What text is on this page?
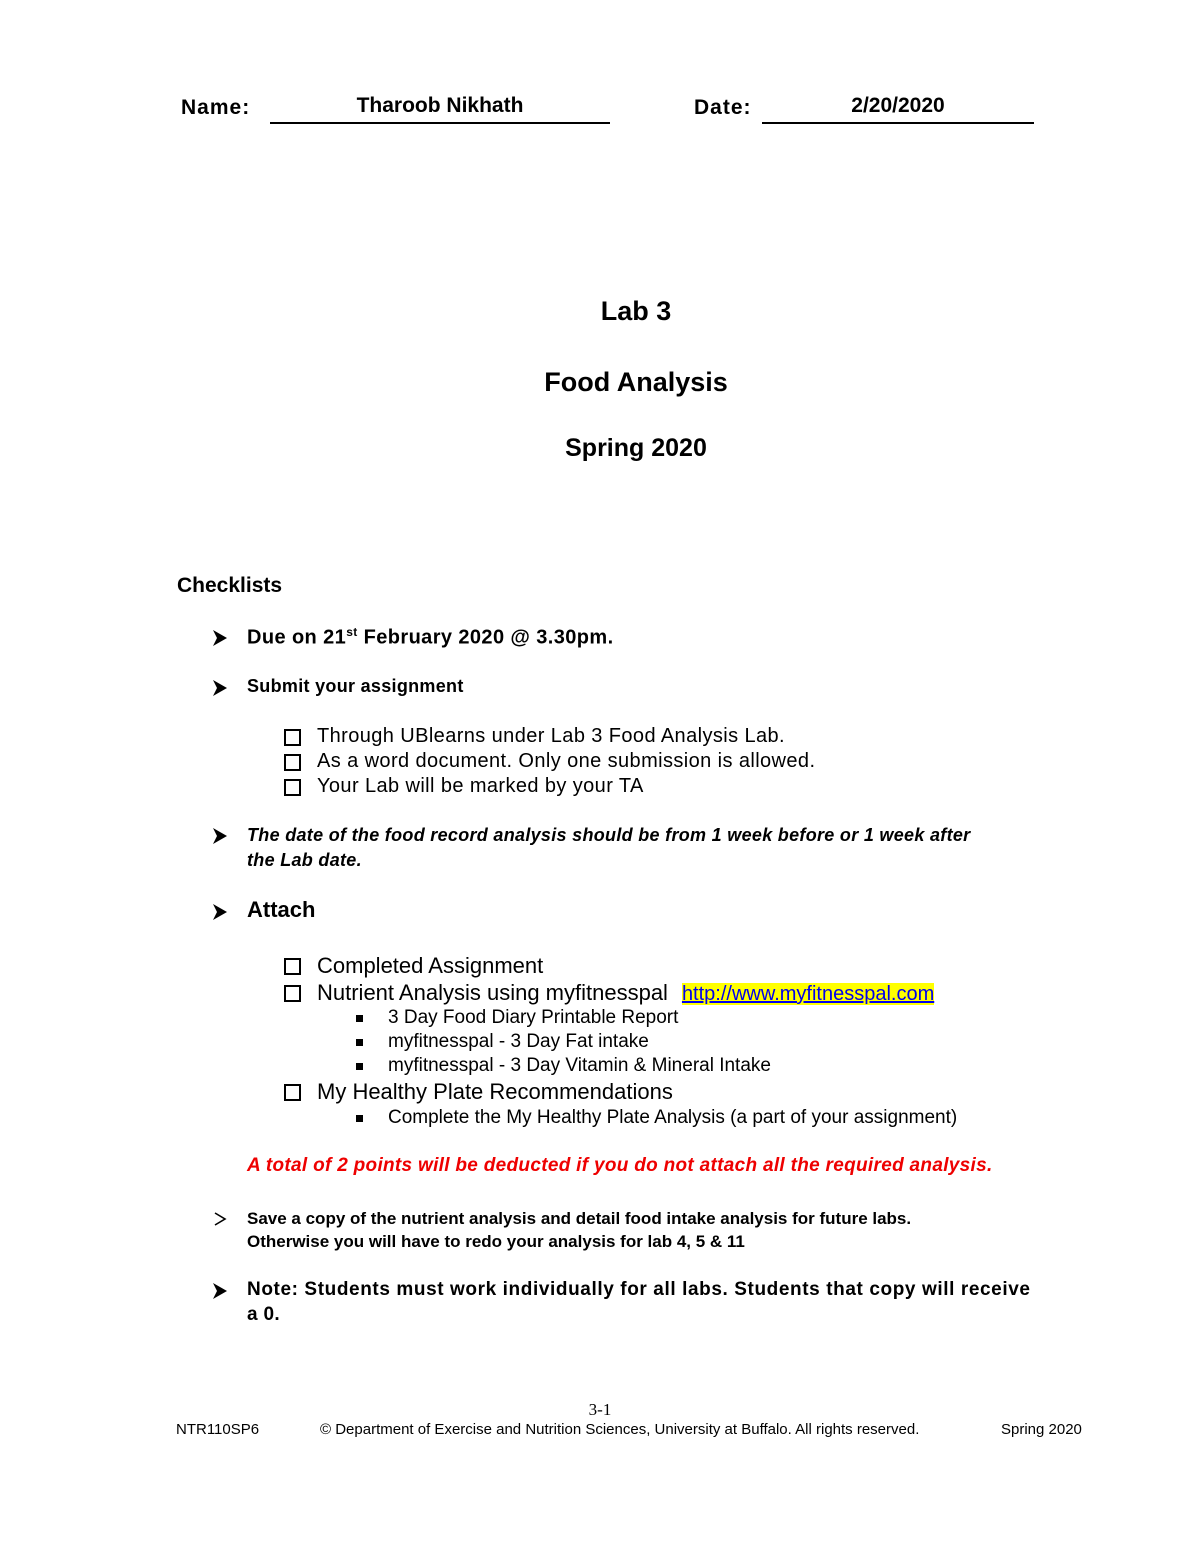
Name:	Tharoob Nikhath	Date:	2/20/2020
Lab 3
Food Analysis
Spring 2020
Checklists
Due on 21st February 2020 @ 3.30pm.
Submit your assignment
Through UBlearns under Lab 3 Food Analysis Lab.
As a word document. Only one submission is allowed.
Your Lab will be marked by your TA
The date of the food record analysis should be from 1 week before or 1 week after
the Lab date.
Attach
Completed Assignment
Nutrient Analysis using myfitnesspal http://www.myfitnesspal.com
3 Day Food Diary Printable Report
myfitnesspal - 3 Day Fat intake
myfitnesspal - 3 Day Vitamin & Mineral Intake
My Healthy Plate Recommendations
Complete the My Healthy Plate Analysis (a part of your assignment)
A total of 2 points will be deducted if you do not attach all the required analysis.
Save a copy of the nutrient analysis and detail food intake analysis for future labs.
Otherwise you will have to redo your analysis for lab 4, 5 & 11
Note: Students must work individually for all labs. Students that copy will receive
a 0.
3-1
NTR110SP6	© Department of Exercise and Nutrition Sciences, University at Buffalo. All rights reserved.	Spring 2020
